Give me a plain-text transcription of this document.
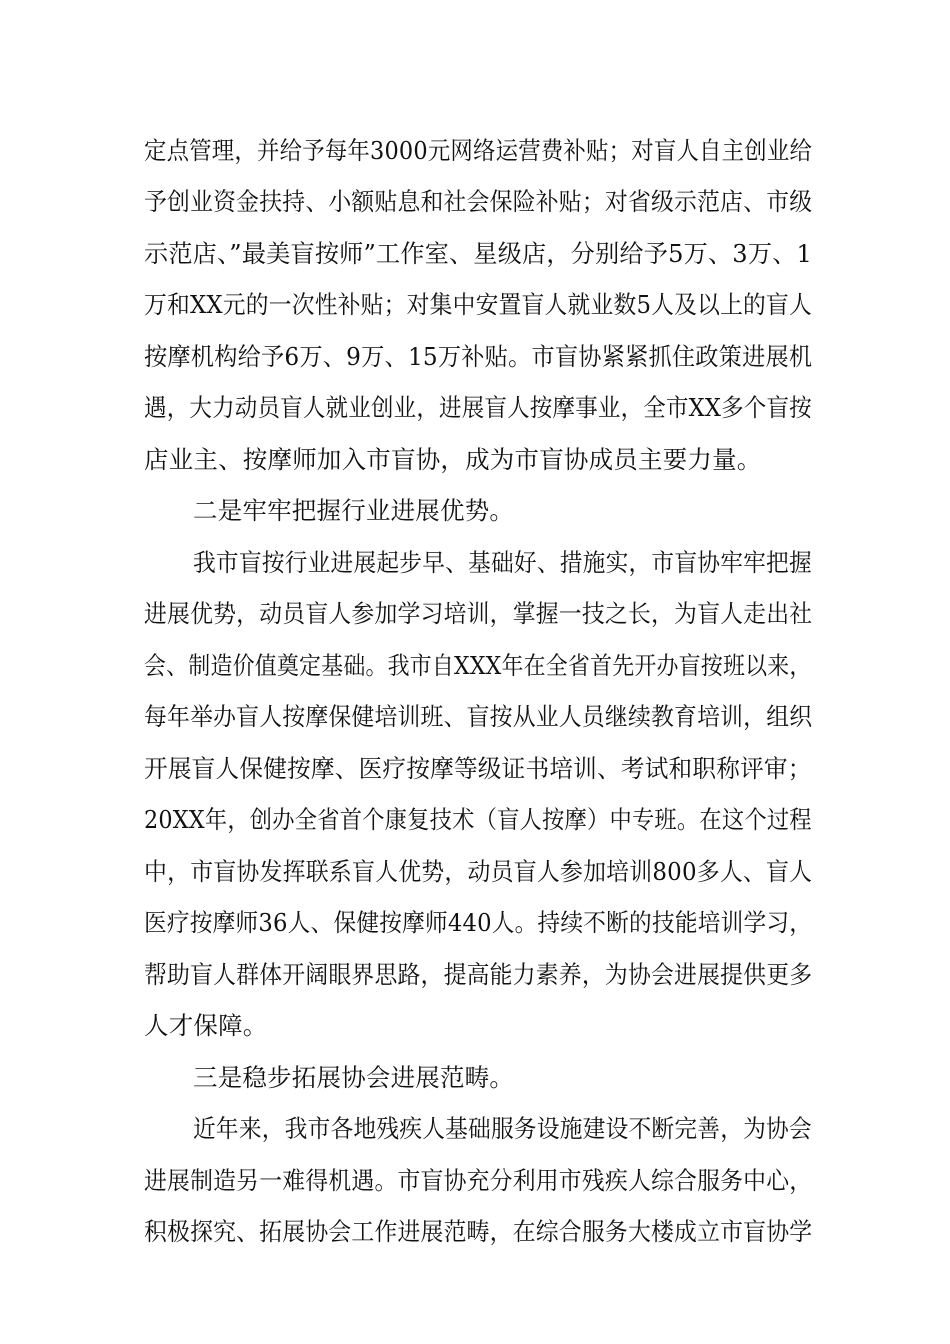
定点管理，并给予每年3000元网络运营费补贴；对盲人自主创业给
予创业资金扶持、小额贴息和社会保险补贴；对省级示范店、市级
示范店、”最美盲按师”工作室、星级店，分别给予5万、3万、1
万和XX元的一次性补贴；对集中安置盲人就业数5人及以上的盲人
按摩机构给予6万、9万、15万补贴。市盲协紧紧抓住政策进展机
遇，大力动员盲人就业创业，进展盲人按摩事业，全市XX多个盲按
店业主、按摩师加入市盲协，成为市盲协成员主要力量。
二是牢牢把握行业进展优势。
我市盲按行业进展起步早、基础好、措施实，市盲协牢牢把握
进展优势，动员盲人参加学习培训，掌握一技之长，为盲人走出社
会、制造价值奠定基础。我市自XXX年在全省首先开办盲按班以来，
每年举办盲人按摩保健培训班、盲按从业人员继续教育培训，组织
开展盲人保健按摩、医疗按摩等级证书培训、考试和职称评审；
20XX年，创办全省首个康复技术（盲人按摩）中专班。在这个过程
中，市盲协发挥联系盲人优势，动员盲人参加培训800多人、盲人
医疗按摩师36人、保健按摩师440人。持续不断的技能培训学习，
帮助盲人群体开阔眼界思路，提高能力素养，为协会进展提供更多
人才保障。
三是稳步拓展协会进展范畴。
近年来，我市各地残疾人基础服务设施建设不断完善，为协会
进展制造另一难得机遇。市盲协充分利用市残疾人综合服务中心，
积极探究、拓展协会工作进展范畴，在综合服务大楼成立市盲协学
